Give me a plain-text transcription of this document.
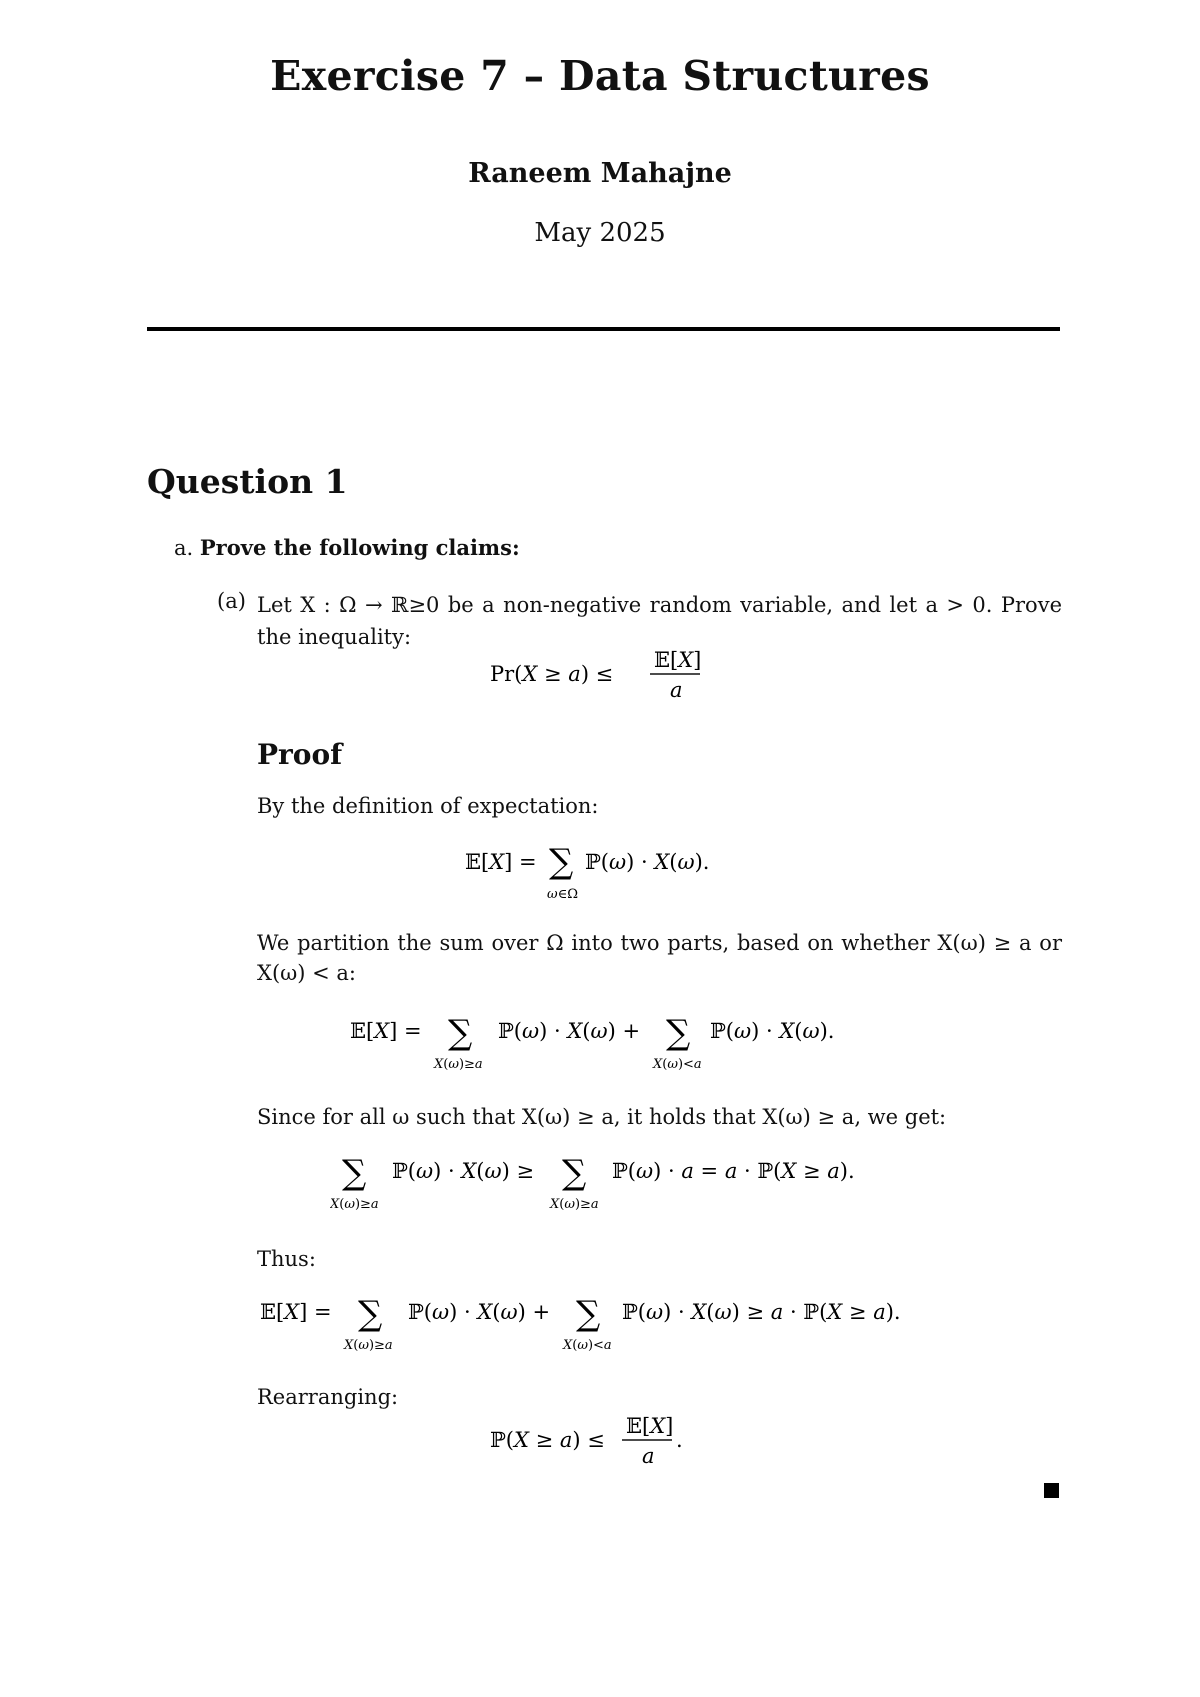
Exercise 7 – Data Structures
Raneem Mahajne
May 2025
Question 1
a. Prove the following claims:
(a) Let X : Ω → ℝ≥0 be a non-negative random variable, and let a > 0. Prove
the inequality:
Pr(X ≥ a) ≤
𝔼[X]
a
Proof
By the definition of expectation:
𝔼[X] = ∑
ω∈Ω
ℙ(ω) · X(ω).
We partition the sum over Ω into two parts, based on whether X(ω) ≥ a or
X(ω) < a:
𝔼[X] = ∑
X(ω)≥a
ℙ(ω) · X(ω) + ∑
X(ω)<a
ℙ(ω) · X(ω).
Since for all ω such that X(ω) ≥ a, it holds that X(ω) ≥ a, we get:
∑
X(ω)≥a
ℙ(ω) · X(ω) ≥ ∑
X(ω)≥a
ℙ(ω) · a = a · ℙ(X ≥ a).
Thus:
𝔼[X] = ∑
X(ω)≥a
ℙ(ω) · X(ω) + ∑
X(ω)<a
ℙ(ω) · X(ω) ≥ a · ℙ(X ≥ a).
Rearranging:
ℙ(X ≥ a) ≤
𝔼[X]
a
.
